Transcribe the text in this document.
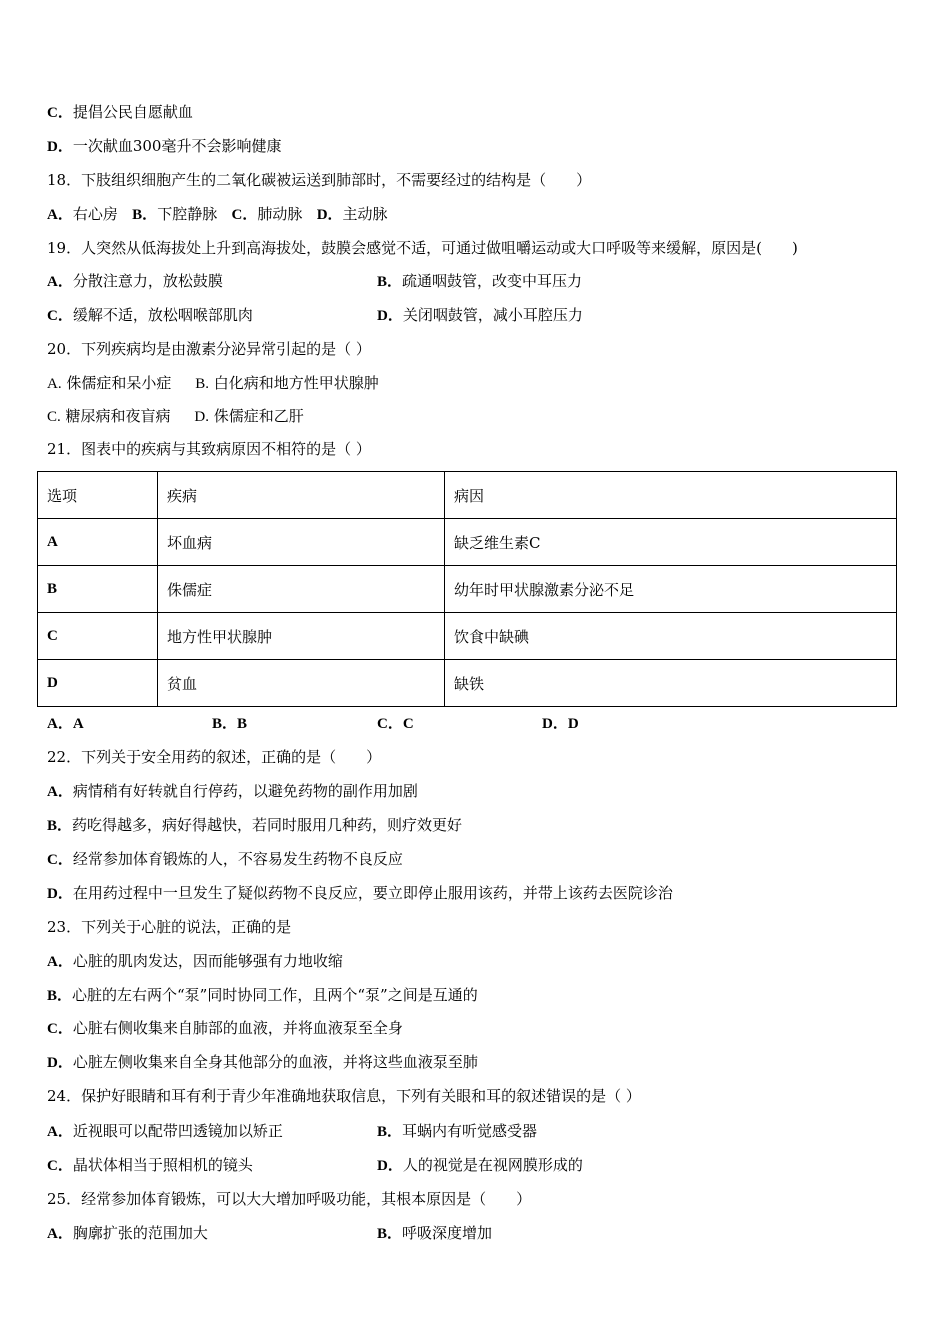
C．提倡公民自愿献血
D．一次献血300毫升不会影响健康
18．下肢组织细胞产生的二氧化碳被运送到肺部时，不需要经过的结构是（　　）
A．右心房 B．下腔静脉 C．肺动脉 D．主动脉
19．人突然从低海拔处上升到高海拔处，鼓膜会感觉不适，可通过做咀嚼运动或大口呼吸等来缓解，原因是(　　)
A．分散注意力，放松鼓膜	B．疏通咽鼓管，改变中耳压力
C．缓解不适，放松咽喉部肌肉	D．关闭咽鼓管，减小耳腔压力
20．下列疾病均是由激素分泌异常引起的是（ ）
A. 侏儒症和呆小症 B. 白化病和地方性甲状腺肿
C. 糖尿病和夜盲病 D. 侏儒症和乙肝
21．图表中的疾病与其致病原因不相符的是（ ）
选项	疾病	病因
A	坏血病	缺乏维生素C
B	侏儒症	幼年时甲状腺激素分泌不足
C	地方性甲状腺肿	饮食中缺碘
D	贫血	缺铁
A．A	B．B	C．C	D．D
22．下列关于安全用药的叙述，正确的是（　　）
A．病情稍有好转就自行停药，以避免药物的副作用加剧
B．药吃得越多，病好得越快，若同时服用几种药，则疗效更好
C．经常参加体育锻炼的人，不容易发生药物不良反应
D．在用药过程中一旦发生了疑似药物不良反应，要立即停止服用该药，并带上该药去医院诊治
23．下列关于心脏的说法，正确的是
A．心脏的肌肉发达，因而能够强有力地收缩
B．心脏的左右两个“泵”同时协同工作，且两个“泵”之间是互通的
C．心脏右侧收集来自肺部的血液，并将血液泵至全身
D．心脏左侧收集来自全身其他部分的血液，并将这些血液泵至肺
24．保护好眼睛和耳有利于青少年准确地获取信息，下列有关眼和耳的叙述错误的是（ ）
A．近视眼可以配带凹透镜加以矫正	B．耳蜗内有听觉感受器
C．晶状体相当于照相机的镜头	D．人的视觉是在视网膜形成的
25．经常参加体育锻炼，可以大大增加呼吸功能，其根本原因是（　　）
A．胸廓扩张的范围加大	B．呼吸深度增加
